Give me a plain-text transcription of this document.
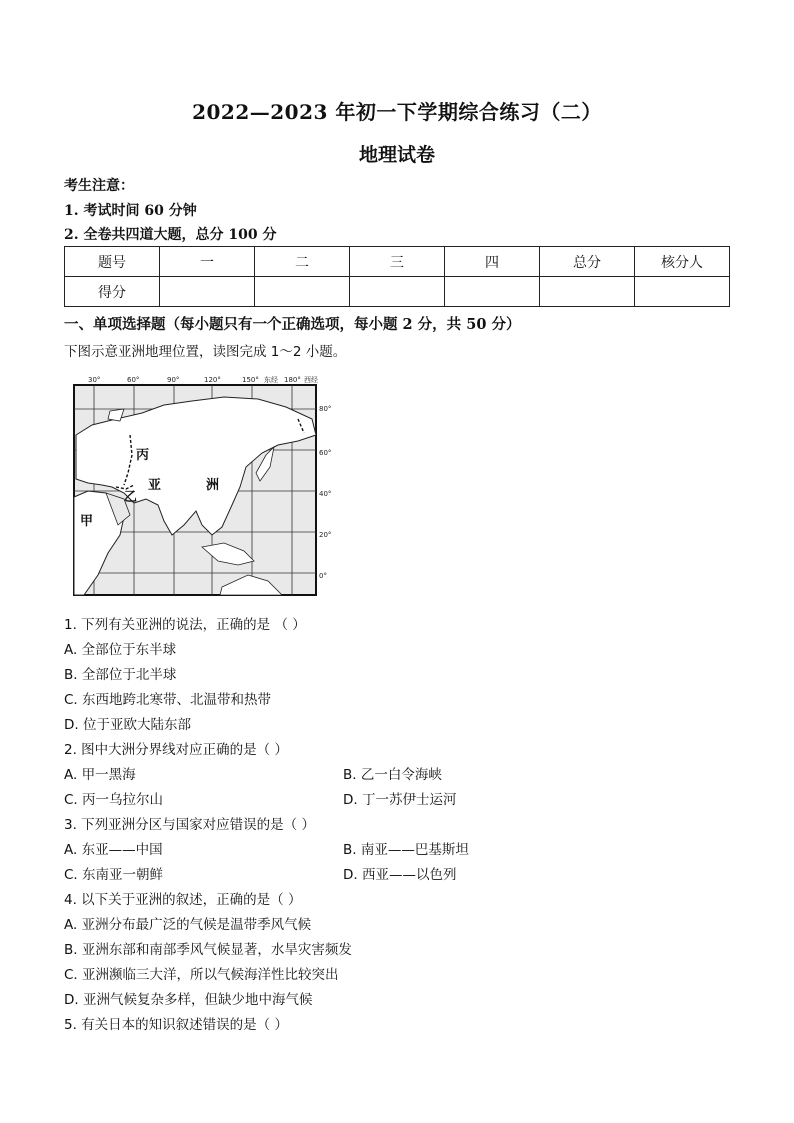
2022—2023 年初一下学期综合练习（二）
地理试卷
考生注意：
1. 考试时间 60 分钟
2. 全卷共四道大题，总分 100 分
题号	一	二	三	四	总分	核分人
得分						
一、单项选择题（每小题只有一个正确选项，每小题 2 分，共 50 分）
下图示意亚洲地理位置，读图完成 1～2 小题。
30°	60°	90°	120°	150° 东经 180° 西经
80°
60°
40°
20°
0°
丙
亚	洲
乙
甲
1. 下列有关亚洲的说法，正确的是 （ ）
A. 全部位于东半球
B. 全部位于北半球
C. 东西地跨北寒带、北温带和热带
D. 位于亚欧大陆东部
2. 图中大洲分界线对应正确的是（ ）
A. 甲一黑海	B. 乙一白令海峡
C. 丙一乌拉尔山	D. 丁一苏伊士运河
3. 下列亚洲分区与国家对应错误的是（ ）
A. 东亚——中国	B. 南亚——巴基斯坦
C. 东南亚一朝鲜	D. 西亚——以色列
4. 以下关于亚洲的叙述，正确的是（ ）
A. 亚洲分布最广泛的气候是温带季风气候
B. 亚洲东部和南部季风气候显著，水旱灾害频发
C. 亚洲濒临三大洋，所以气候海洋性比较突出
D. 亚洲气候复杂多样，但缺少地中海气候
5. 有关日本的知识叙述错误的是（ ）
